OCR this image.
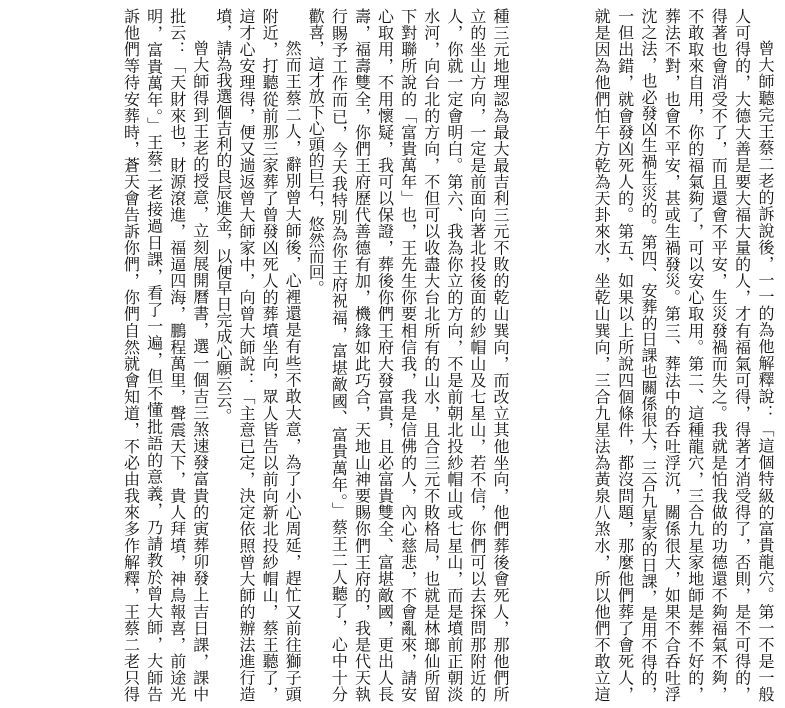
曾大師聽完王蔡二老的訴說後，一一的為他解釋說：「這個特級的富貴龍穴。第一不是一般
人可得的，大德大善是要大福大量的人，才有福氣可得，得著才消受得了，否則，是不可得的，
得著也會消受不了，而且還會不平安，生災發禍而失之。我就是怕我做的功德還不夠福氣不夠，
不敢取來自用，你的福氣夠了，可以安心取用。第二、這種龍穴，三合九星家地師是葬不好的，
葬法不對，也會不平安，甚或生禍發災。第三、葬法中的呑吐浮沉，關係很大，如果不合呑吐浮
沈之法，也必發凶生禍生災的。第四、安葬的日課也關係很大，三合九星家的日課，是用不得的，
一但出錯，就會發凶死人的。第五、如果以上所說四個條件，都沒問題，那麼他們葬了會死人，
就是因為他們怕午方乾為天卦來水，坐乾山巽向，三合九星法為黃泉八煞水，所以他們不敢立這
種三元地理認為最大最吉利三元不敗的乾山巽向，而改立其他坐向，他們葬後會死人，那他們所
立的坐山方向，一定是前面向著北投後面的紗帽山及七星山，若不信，你們可以去探問那附近的
人，你就一定會明白。第六、我為你立的方向，不是前朝北投紗帽山或七星山，而是墳前正朝淡
水河，向台北的方向，不但可以收盡大台北所有的山水，且合三元不敗格局，也就是林瑯仙所留
下對聯所說的「富貴萬年」也，王先生你要相信我，我是信佛的人，內心慈悲，不會亂來，請安
心取用，不用懷疑，我可以保證，葬後你們王府大發富貴，且必富貴雙全、富堪敵國，更出人長
壽，福壽雙全，你們王府歷代善德有加，機緣如此巧合，天地山神要賜你們王府的，我是代天執
行賜予工作而已，今天我特別為你王府祝福，富堪敵國、富貴萬年。」蔡王二人聽了，心中十分
歡喜，這才放下心頭的巨石，悠然而回。
然而王蔡二人，辭別曾大師後，心裡還是有些不敢大意，為了小心周延，趕忙又前往獅子頭
附近，打聽從前那三家葬了曾發凶死人的葬墳坐向，眾人皆告以前向新北投紗帽山，蔡王聽了，
這才心安理得，便又遄返曾大師家中，向曾大師說：「主意已定，決定依照曾大師的辦法進行造
墳，請為我選個吉利的良辰進金，以便早日完成心願云云。
曾大師得到王老的授意，立刻展開曆書，選一個吉三煞速發富貴的寅葬卯發上吉日課，課中
批云：「天財來也，財源滾進，福逼四海，鵬程萬里，聲震天下，貴人拜墳，神鳥報喜，前途光
明，富貴萬年。」王蔡二老接過日課，看了一遍，但不懂批語的意義，乃請教於曾大師，大師告
訴他們等待安葬時，蒼天會告訴你們，你們自然就會知道，不必由我來多作解釋，王蔡二老只得
